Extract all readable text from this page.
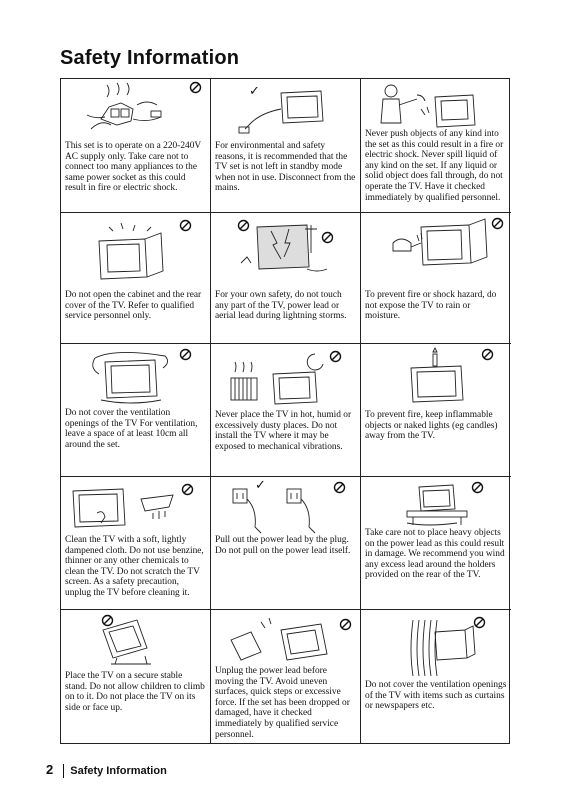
Safety Information
This set is to operate on a 220-240V AC supply only. Take care not to connect too many appliances to the same power socket as this could result in fire or electric shock.
✓
For environmental and safety reasons, it is recommended that the TV set is not left in standby mode when not in use. Disconnect from the mains.
Never push objects of any kind into the set as this could result in a fire or electric shock. Never spill liquid of any kind on the set. If any liquid or solid object does fall through, do not operate the TV. Have it checked immediately by qualified personnel.
Do not open the cabinet and the rear cover of the TV. Refer to qualified service personnel only.
For your own safety, do not touch any part of the TV, power lead or aerial lead during lightning storms.
To prevent fire or shock hazard, do not expose the TV to rain or moisture.
Do not cover the ventilation openings of the TV For ventilation, leave a space of at least 10cm all around the set.
Never place the TV in hot, humid or excessively dusty places. Do not install the TV where it may be exposed to mechanical vibrations.
To prevent fire, keep inflammable objects or naked lights (eg candles) away from the TV.
Clean the TV with a soft, lightly dampened cloth. Do not use benzine, thinner or any other chemicals to clean the TV. Do not scratch the TV screen. As a safety precaution, unplug the TV before cleaning it.
✓
Pull out the power lead by the plug. Do not pull on the power lead itself.
Take care not to place heavy objects on the power lead as this could result in damage. We recommend you wind any excess lead around the holders provided on the rear of the TV.
Place the TV on a secure stable stand. Do not allow children to climb on to it. Do not place the TV on its side or face up.
Unplug the power lead before moving the TV. Avoid uneven surfaces, quick steps or excessive force. If the set has been dropped or damaged, have it checked immediately by qualified service personnel.
Do not cover the ventilation openings of the TV with items such as curtains or newspapers etc.
2 Safety Information
